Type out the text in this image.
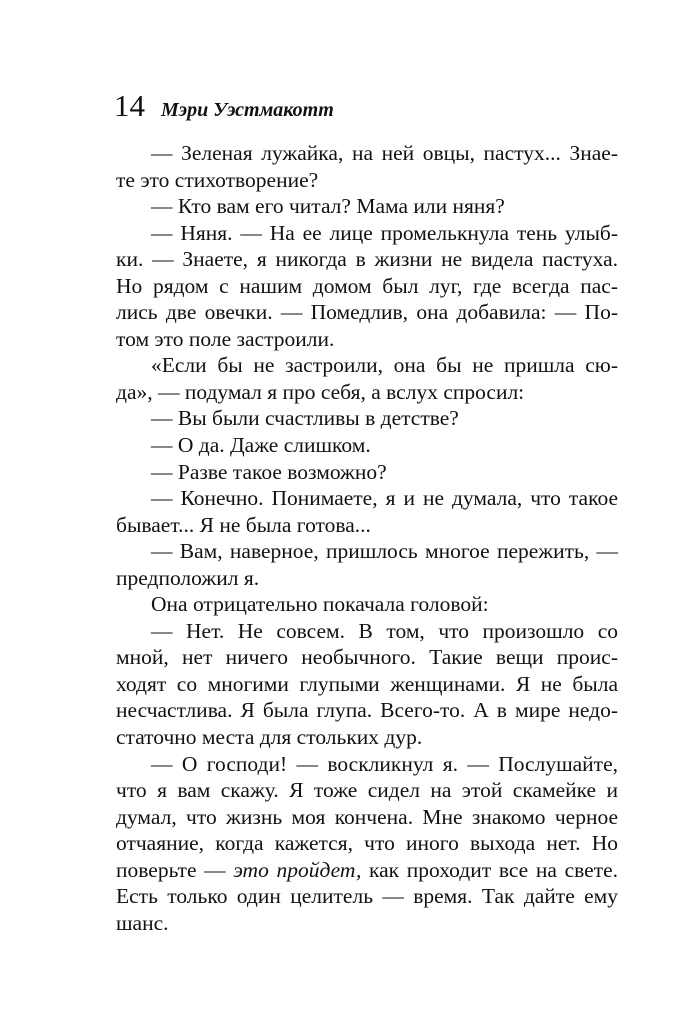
14 Мэри Уэстмакотт
— Зеленая лужайка, на ней овцы, пастух... Знае-
те это стихотворение?
— Кто вам его читал? Мама или няня?
— Няня. — На ее лице промелькнула тень улыб-
ки. — Знаете, я никогда в жизни не видела пастуха.
Но рядом с нашим домом был луг, где всегда пас-
лись две овечки. — Помедлив, она добавила: — По-
том это поле застроили.
«Если бы не застроили, она бы не пришла сю-
да», — подумал я про себя, а вслух спросил:
— Вы были счастливы в детстве?
— О да. Даже слишком.
— Разве такое возможно?
— Конечно. Понимаете, я и не думала, что такое
бывает... Я не была готова...
— Вам, наверное, пришлось многое пережить, —
предположил я.
Она отрицательно покачала головой:
— Нет. Не совсем. В том, что произошло со
мной, нет ничего необычного. Такие вещи проис-
ходят со многими глупыми женщинами. Я не была
несчастлива. Я была глупа. Всего-то. А в мире недо-
статочно места для стольких дур.
— О господи! — воскликнул я. — Послушайте,
что я вам скажу. Я тоже сидел на этой скамейке и
думал, что жизнь моя кончена. Мне знакомо черное
отчаяние, когда кажется, что иного выхода нет. Но
поверьте — это пройдет, как проходит все на свете.
Есть только один целитель — время. Так дайте ему
шанс.
